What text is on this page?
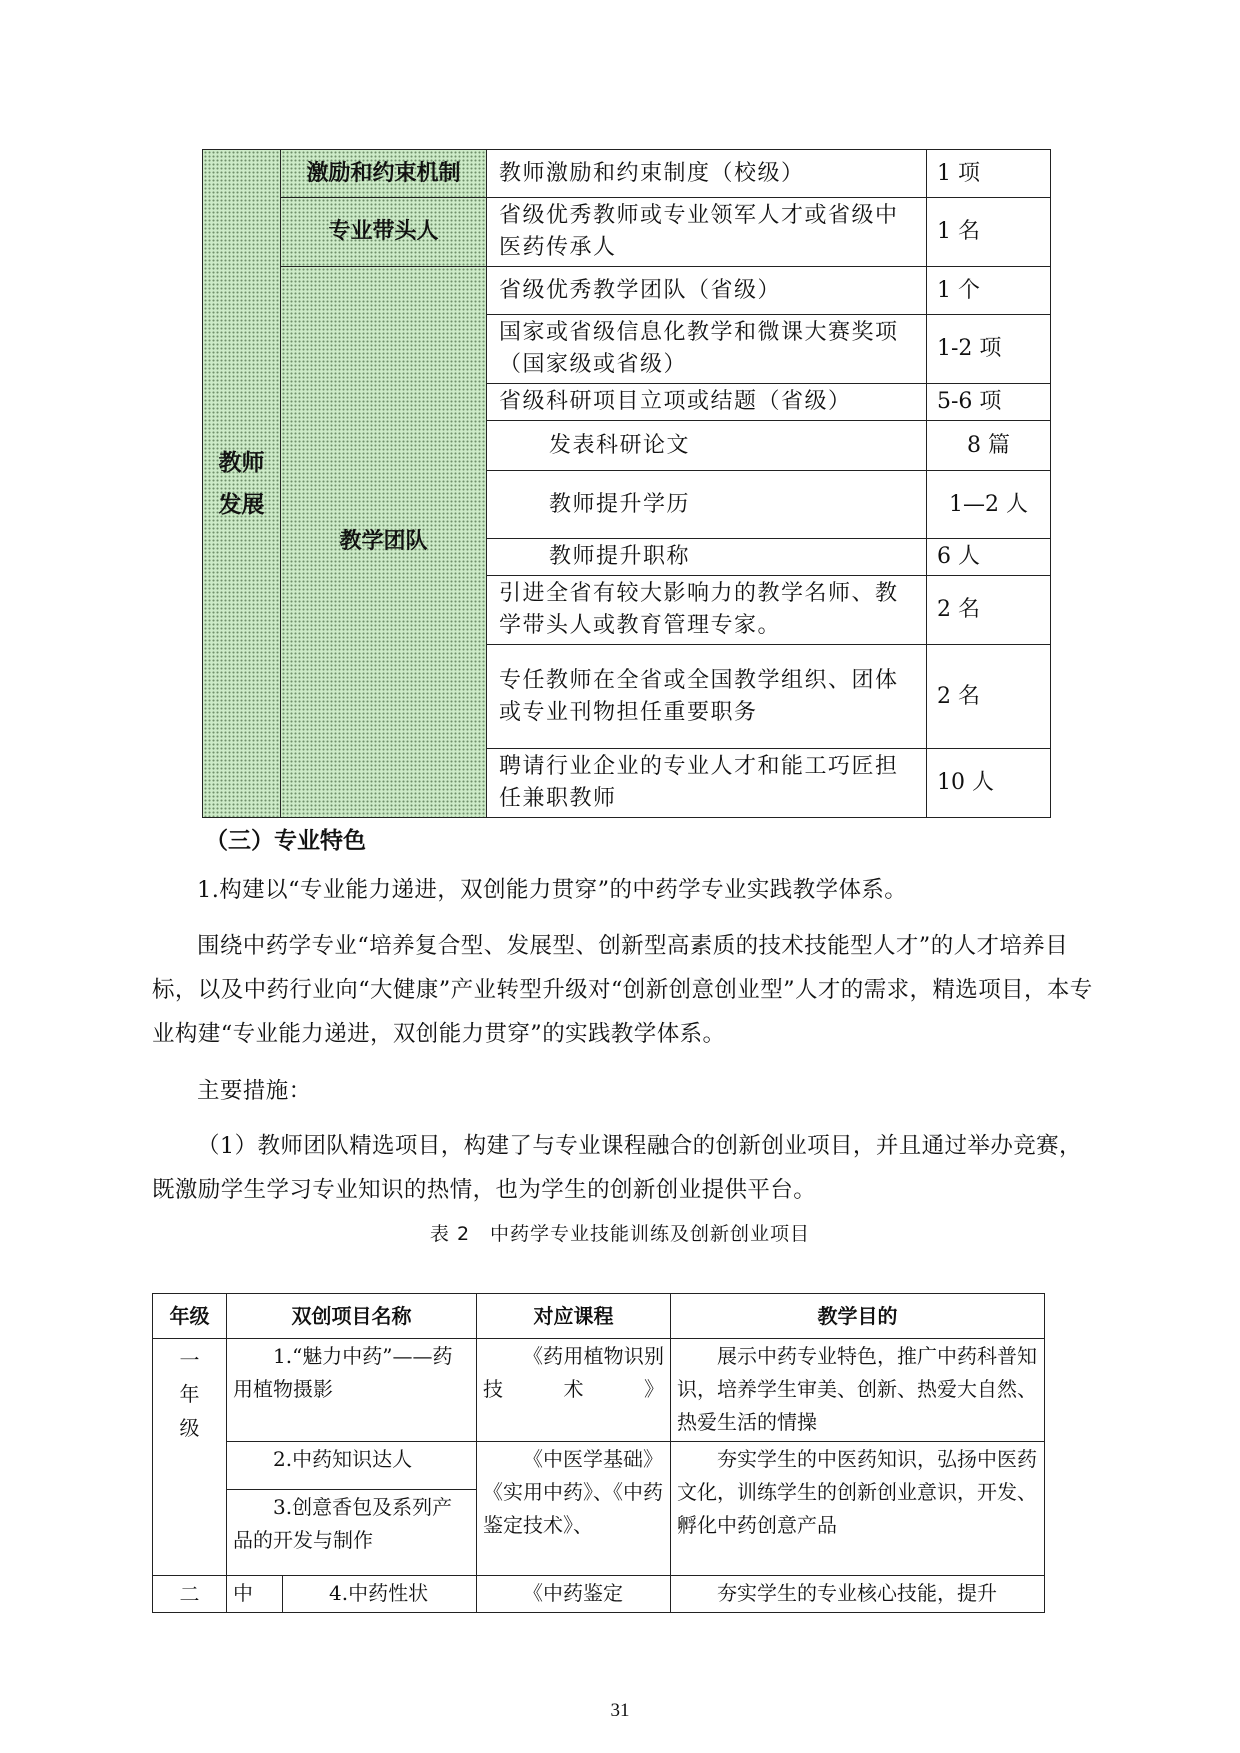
教师
发展	激励和约束机制	教师激励和约束制度（校级）	1 项
	专业带头人	省级优秀教师或专业领军人才或省级中医药传承人	1 名
	教学团队	省级优秀教学团队（省级）	1 个
		国家或省级信息化教学和微课大赛奖项（国家级或省级）	1-2 项
		省级科研项目立项或结题（省级）	5-6 项
		发表科研论文	8 篇
		教师提升学历	1—2 人
		教师提升职称	6 人
		引进全省有较大影响力的教学名师、教学带头人或教育管理专家。	2 名
		专任教师在全省或全国教学组织、团体或专业刊物担任重要职务	2 名
		聘请行业企业的专业人才和能工巧匠担任兼职教师	10 人
（三）专业特色

1.构建以“专业能力递进，双创能力贯穿”的中药学专业实践教学体系。

围绕中药学专业“培养复合型、发展型、创新型高素质的技术技能型人才”的人才培养目标，以及中药行业向“大健康”产业转型升级对“创新创意创业型”人才的需求，精选项目，本专业构建“专业能力递进，双创能力贯穿”的实践教学体系。

主要措施：

（1）教师团队精选项目，构建了与专业课程融合的创新创业项目，并且通过举办竞赛，既激励学生学习专业知识的热情，也为学生的创新创业提供平台。

表 2　中药学专业技能训练及创新创业项目
年级	双创项目名称		对应课程	教学目的
一
年
级	1.“魅力中药”——药用植物摄影		《药用植物识别技术》	展示中药专业特色，推广中药科普知识，培养学生审美、创新、热爱大自然、热爱生活的情操
	2.中药知识达人		《中医学基础》《实用中药》、《中药鉴定技术》、	夯实学生的中医药知识，弘扬中医药文化，训练学生的创新创业意识，开发、孵化中药创意产品
	3.创意香包及系列产品的开发与制作			
二	中	4.中药性状	《中药鉴定	夯实学生的专业核心技能，提升
31
